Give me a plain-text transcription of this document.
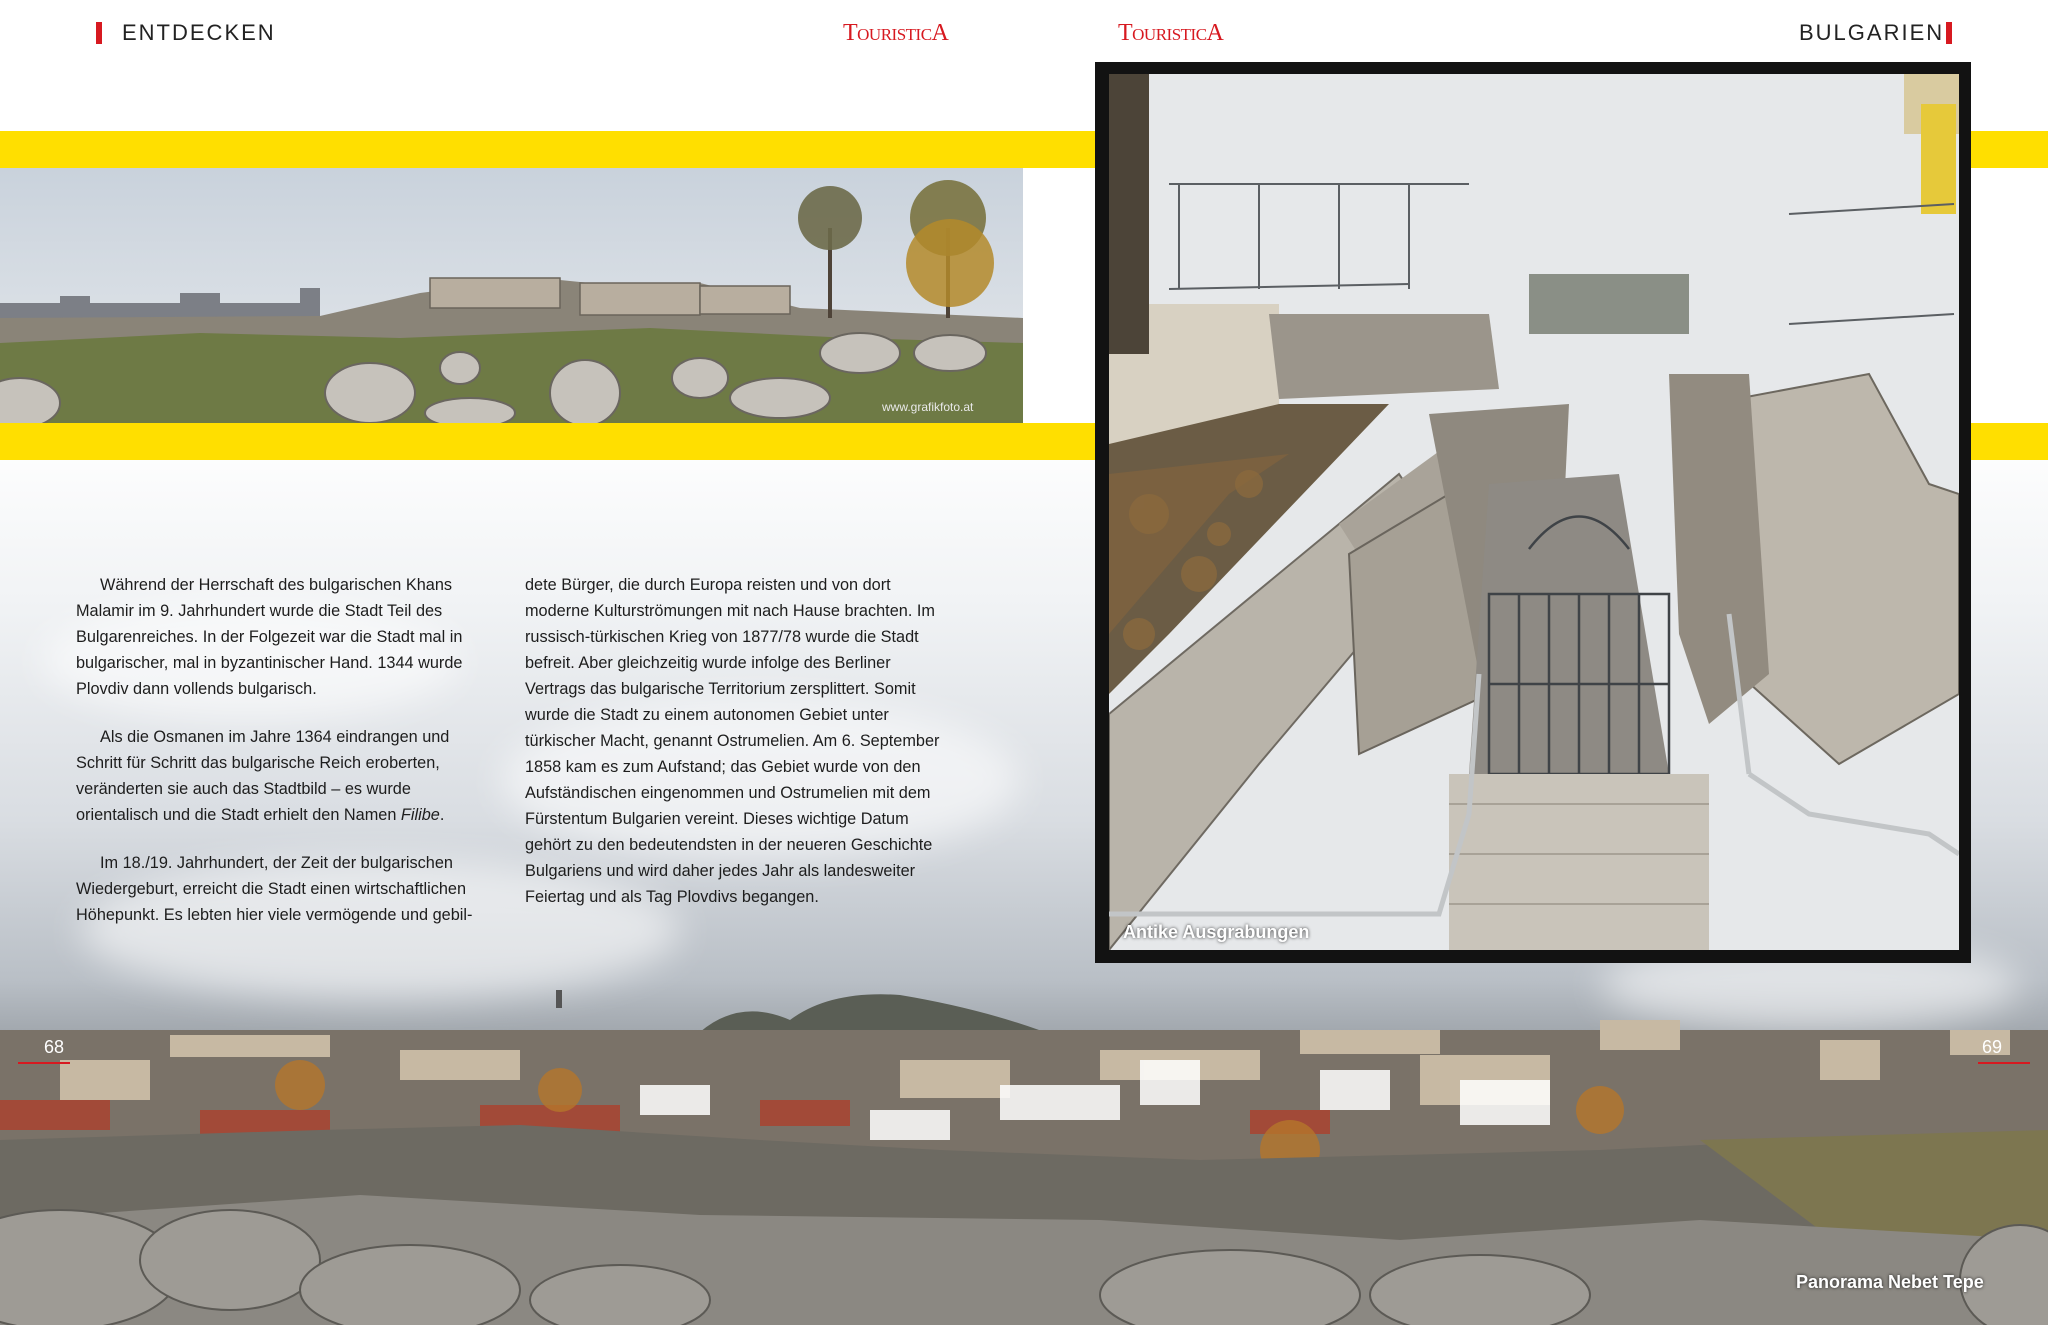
ENTDECKEN	TouristicA	TouristicA	BULGARIEN
www.grafikfoto.at

Während der Herrschaft des bulgarischen Khans Malamir im 9. Jahrhundert wurde die Stadt Teil des Bulgarenreiches. In der Folgezeit war die Stadt mal in bulgarischer, mal in byzantinischer Hand. 1344 wurde Plovdiv dann vollends bulgarisch.

Als die Osmanen im Jahre 1364 eindrangen und Schritt für Schritt das bulgarische Reich eroberten, veränderten sie auch das Stadtbild – es wurde orientalisch und die Stadt erhielt den Namen Filibe.

Im 18./19. Jahrhundert, der Zeit der bulgarischen Wiedergeburt, erreicht die Stadt einen wirtschaftlichen Höhepunkt. Es lebten hier viele vermögende und gebil-

dete Bürger, die durch Europa reisten und von dort moderne Kulturströmungen mit nach Hause brachten. Im russisch-türkischen Krieg von 1877/78 wurde die Stadt befreit. Aber gleichzeitig wurde infolge des Berliner Vertrags das bulgarische Territorium zersplittert. Somit wurde die Stadt zu einem autonomen Gebiet unter türkischer Macht, genannt Ostrumelien. Am 6. September 1858 kam es zum Aufstand; das Gebiet wurde von den Aufständischen eingenommen und Ostrumelien mit dem Fürstentum Bulgarien vereint. Dieses wichtige Datum gehört zu den bedeutendsten in der neueren Geschichte Bulgariens und wird daher jedes Jahr als landesweiter Feiertag und als Tag Plovdivs begangen.

Antike Ausgrabungen
68	69
Panorama Nebet Tepe
